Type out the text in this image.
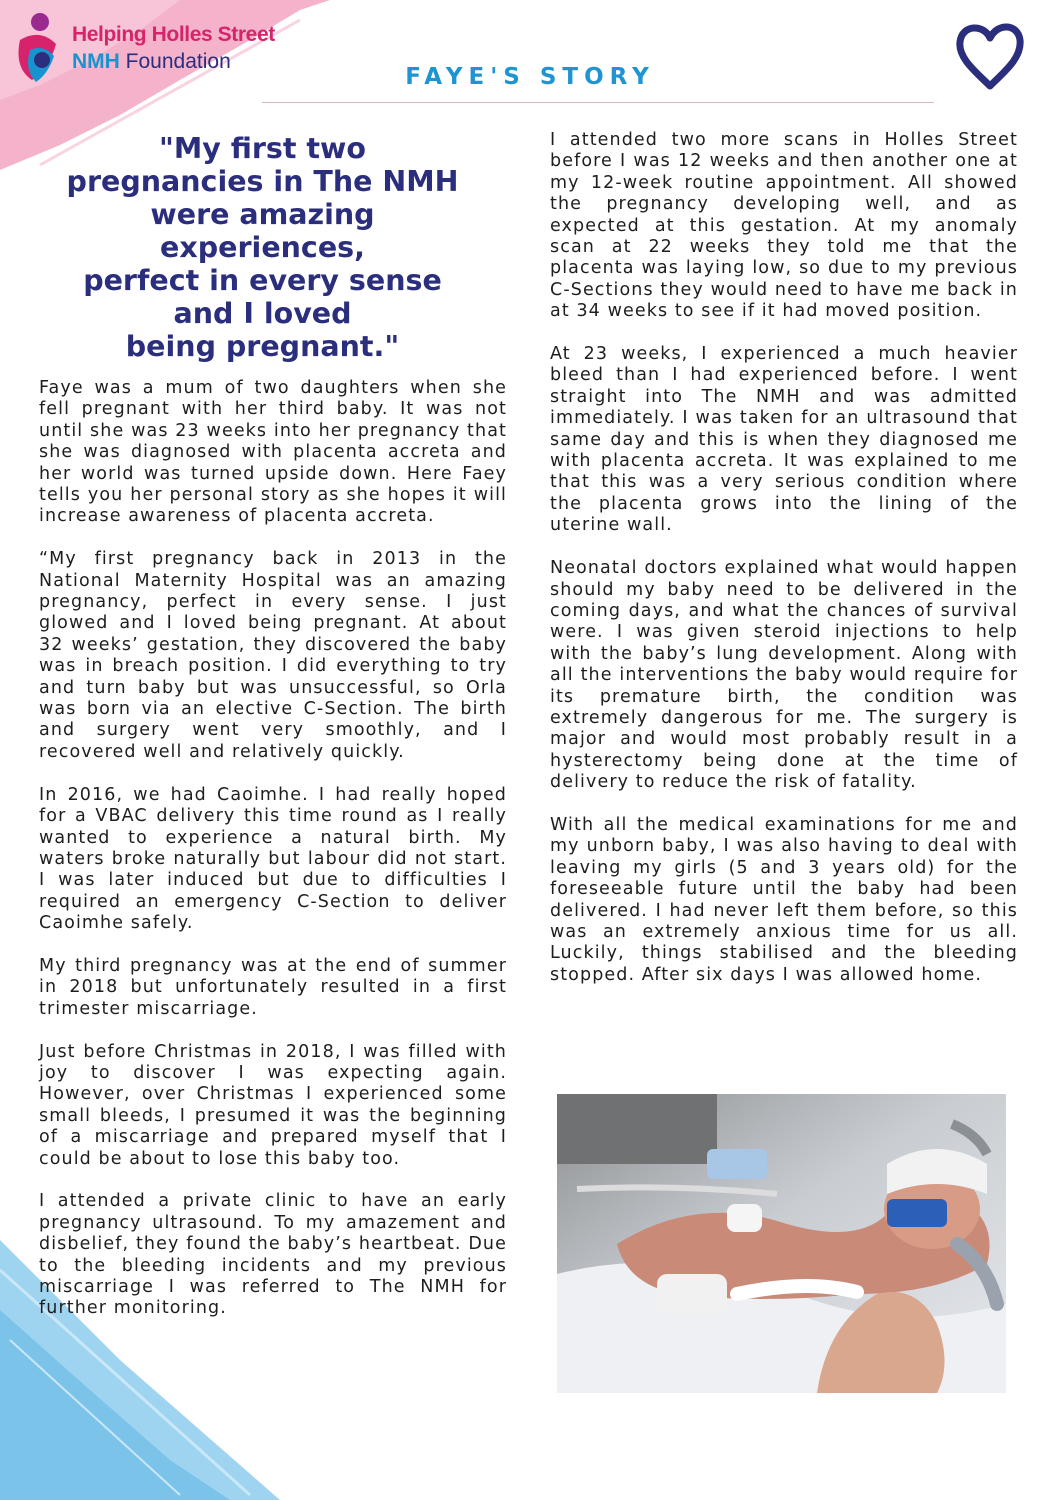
Helping Holles Street
NMH Foundation
FAYE'S STORY
"My first two
pregnancies in The NMH
were amazing
experiences,
perfect in every sense
and I loved
being pregnant."

Faye was a mum of two daughters when she fell pregnant with her third baby. It was not until she was 23 weeks into her pregnancy that she was diagnosed with placenta accreta and her world was turned upside down. Here Faey tells you her personal story as she hopes it will increase awareness of placenta accreta.

“My first pregnancy back in 2013 in the National Maternity Hospital was an amazing pregnancy, perfect in every sense. I just glowed and I loved being pregnant. At about 32 weeks’ gestation, they discovered the baby was in breach position. I did everything to try and turn baby but was unsuccessful, so Orla was born via an elective C-Section. The birth and surgery went very smoothly, and I recovered well and relatively quickly.

In 2016, we had Caoimhe. I had really hoped for a VBAC delivery this time round as I really wanted to experience a natural birth. My waters broke naturally but labour did not start. I was later induced but due to difficulties I required an emergency C-Section to deliver Caoimhe safely.

My third pregnancy was at the end of summer in 2018 but unfortunately resulted in a first trimester miscarriage.

Just before Christmas in 2018, I was filled with joy to discover I was expecting again. However, over Christmas I experienced some small bleeds, I presumed it was the beginning of a miscarriage and prepared myself that I could be about to lose this baby too.

I attended a private clinic to have an early pregnancy ultrasound. To my amazement and disbelief, they found the baby’s heartbeat. Due to the bleeding incidents and my previous miscarriage I was referred to The NMH for further monitoring.

I attended two more scans in Holles Street before I was 12 weeks and then another one at my 12-week routine appointment. All showed the pregnancy developing well, and as expected at this gestation. At my anomaly scan at 22 weeks they told me that the placenta was laying low, so due to my previous C-Sections they would need to have me back in at 34 weeks to see if it had moved position.

At 23 weeks, I experienced a much heavier bleed than I had experienced before. I went straight into The NMH and was admitted immediately. I was taken for an ultrasound that same day and this is when they diagnosed me with placenta accreta. It was explained to me that this was a very serious condition where the placenta grows into the lining of the uterine wall.

Neonatal doctors explained what would happen should my baby need to be delivered in the coming days, and what the chances of survival were. I was given steroid injections to help with the baby’s lung development. Along with all the interventions the baby would require for its premature birth, the condition was extremely dangerous for me. The surgery is major and would most probably result in a hysterectomy being done at the time of delivery to reduce the risk of fatality.

With all the medical examinations for me and my unborn baby, I was also having to deal with leaving my girls (5 and 3 years old) for the foreseeable future until the baby had been delivered. I had never left them before, so this was an extremely anxious time for us all. Luckily, things stabilised and the bleeding stopped. After six days I was allowed home.
